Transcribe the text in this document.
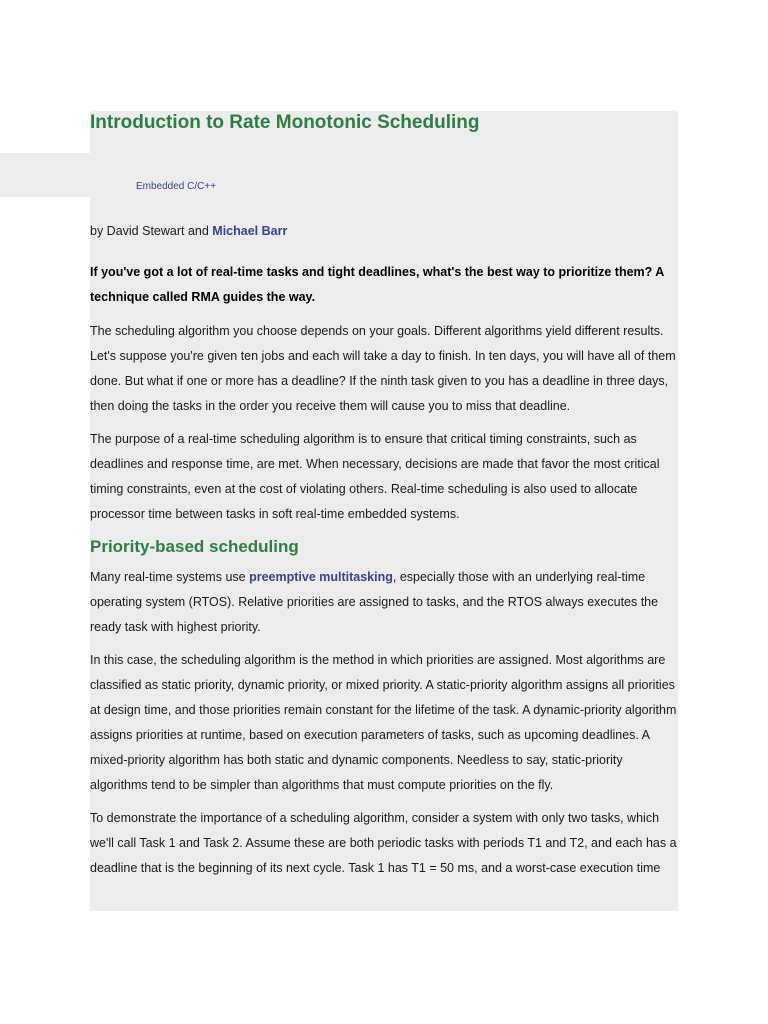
Introduction to Rate Monotonic Scheduling
Embedded C/C++
by David Stewart and Michael Barr

If you've got a lot of real-time tasks and tight deadlines, what's the best way to prioritize them? A technique called RMA guides the way.

The scheduling algorithm you choose depends on your goals. Different algorithms yield different results. Let's suppose you're given ten jobs and each will take a day to finish. In ten days, you will have all of them done. But what if one or more has a deadline? If the ninth task given to you has a deadline in three days, then doing the tasks in the order you receive them will cause you to miss that deadline.

The purpose of a real-time scheduling algorithm is to ensure that critical timing constraints, such as deadlines and response time, are met. When necessary, decisions are made that favor the most critical timing constraints, even at the cost of violating others. Real-time scheduling is also used to allocate processor time between tasks in soft real-time embedded systems.

Priority-based scheduling

Many real-time systems use preemptive multitasking, especially those with an underlying real-time operating system (RTOS). Relative priorities are assigned to tasks, and the RTOS always executes the ready task with highest priority.

In this case, the scheduling algorithm is the method in which priorities are assigned. Most algorithms are classified as static priority, dynamic priority, or mixed priority. A static-priority algorithm assigns all priorities at design time, and those priorities remain constant for the lifetime of the task. A dynamic-priority algorithm assigns priorities at runtime, based on execution parameters of tasks, such as upcoming deadlines. A mixed-priority algorithm has both static and dynamic components. Needless to say, static-priority algorithms tend to be simpler than algorithms that must compute priorities on the fly.

To demonstrate the importance of a scheduling algorithm, consider a system with only two tasks, which we'll call Task 1 and Task 2. Assume these are both periodic tasks with periods T1 and T2, and each has a deadline that is the beginning of its next cycle. Task 1 has T1 = 50 ms, and a worst-case execution time
